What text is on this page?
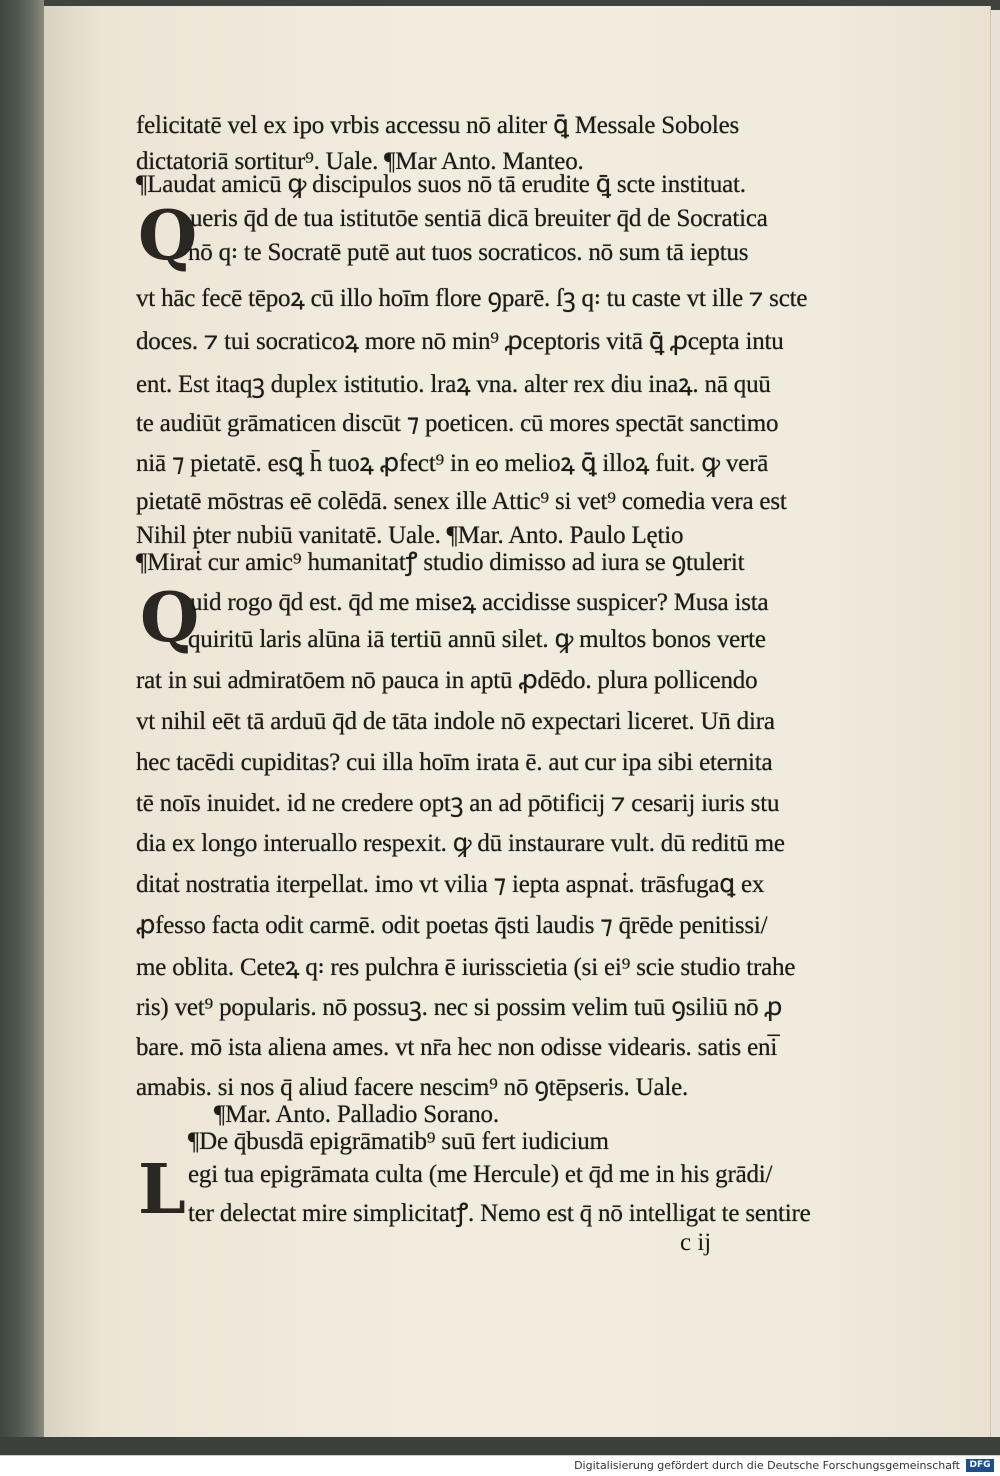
felicitatē vel ex ipo vrbis accessu nō aliter ꝗ̄ Messale Soboles
dictatoriā sortitur⁹. Uale. ¶Mar Anto. Manteo.
¶Laudat amicū ꝙ discipulos suos nō tā erudite ꝗ̄ scte instituat.
Q
ueris q̄d de tua istitutōe sentiā dicā breuiter q̄d de Socratica
nō q꞉ te Socratē putē aut tuos socraticos. nō sum tā ieptus
vt hāc fecē tēpoꝝ cū illo hoīm flore ꝯparē. ſꝫ q꞉ tu caste vt ille ⁊ scte
doces. ⁊ tui socraticoꝝ more nō min⁹ ꝓceptoris vitā ꝗ̄ ꝓcepta intu
ent. Est itaqꝫ duplex istitutio. lraꝝ vna. alter rex diu inaꝝ. nā quū
te audiūt grāmaticen discūt ⁊ poeticen. cū mores spectāt sanctimo
niā ⁊ pietatē. esꝗ h̄ tuoꝝ ꝓfect⁹ in eo melioꝝ ꝗ̄ illoꝝ fuit. ꝙ verā
pietatē mōstras eē colēdā. senex ille Attic⁹ si vet⁹ comedia vera est
Nihil ṗter nubiū vanitatē. Uale. ¶Mar. Anto. Paulo Lętio
¶Miraṫ cur amic⁹ humanitatꝭ studio dimisso ad iura se ꝯtulerit
Q
uid rogo q̄d est. q̄d me miseꝝ accidisse suspicer? Musa ista
quiritū laris alūna iā tertiū annū silet. ꝙ multos bonos verte
rat in sui admiratōem nō pauca in aptū ꝓdēdo. plura pollicendo
vt nihil eēt tā arduū q̄d de tāta indole nō expectari liceret. Un̄ dira
hec tacēdi cupiditas? cui illa hoīm irata ē. aut cur ipa sibi eternita
tē noīs inuidet. id ne credere optꝫ an ad pōtificij ⁊ cesarij iuris stu
dia ex longo interuallo respexit. ꝙ dū instaurare vult. dū reditū me
ditaṫ nostratia iterpellat. imo vt vilia ⁊ iepta aspnaṫ. trāsfugaꝗ ex
ꝓfesso facta odit carmē. odit poetas q̄sti laudis ⁊ q̄rēde penitissi/
me oblita. Ceteꝝ q꞉ res pulchra ē iurisscietia (si ei⁹ scie studio trahe
ris) vet⁹ popularis. nō possuꝫ. nec si possim velim tuū ꝯsiliū nō ꝓ
bare. mō ista aliena ames. vt nr̄a hec non odisse videaris. satis eni̅
amabis. si nos q̄ aliud facere nescim⁹ nō ꝯtēpseris. Uale.
¶Mar. Anto. Palladio Sorano.
¶De q̄busdā epigrāmatib⁹ suū fert iudicium
L egi tua epigrāmata culta (me Hercule) et q̄d me in his grādi/
ter delectat mire simplicitatꝭ. Nemo est q̄ nō intelligat te sentire
c ij
Digitalisierung gefördert durch die Deutsche Forschungsgemeinschaft	DFG
